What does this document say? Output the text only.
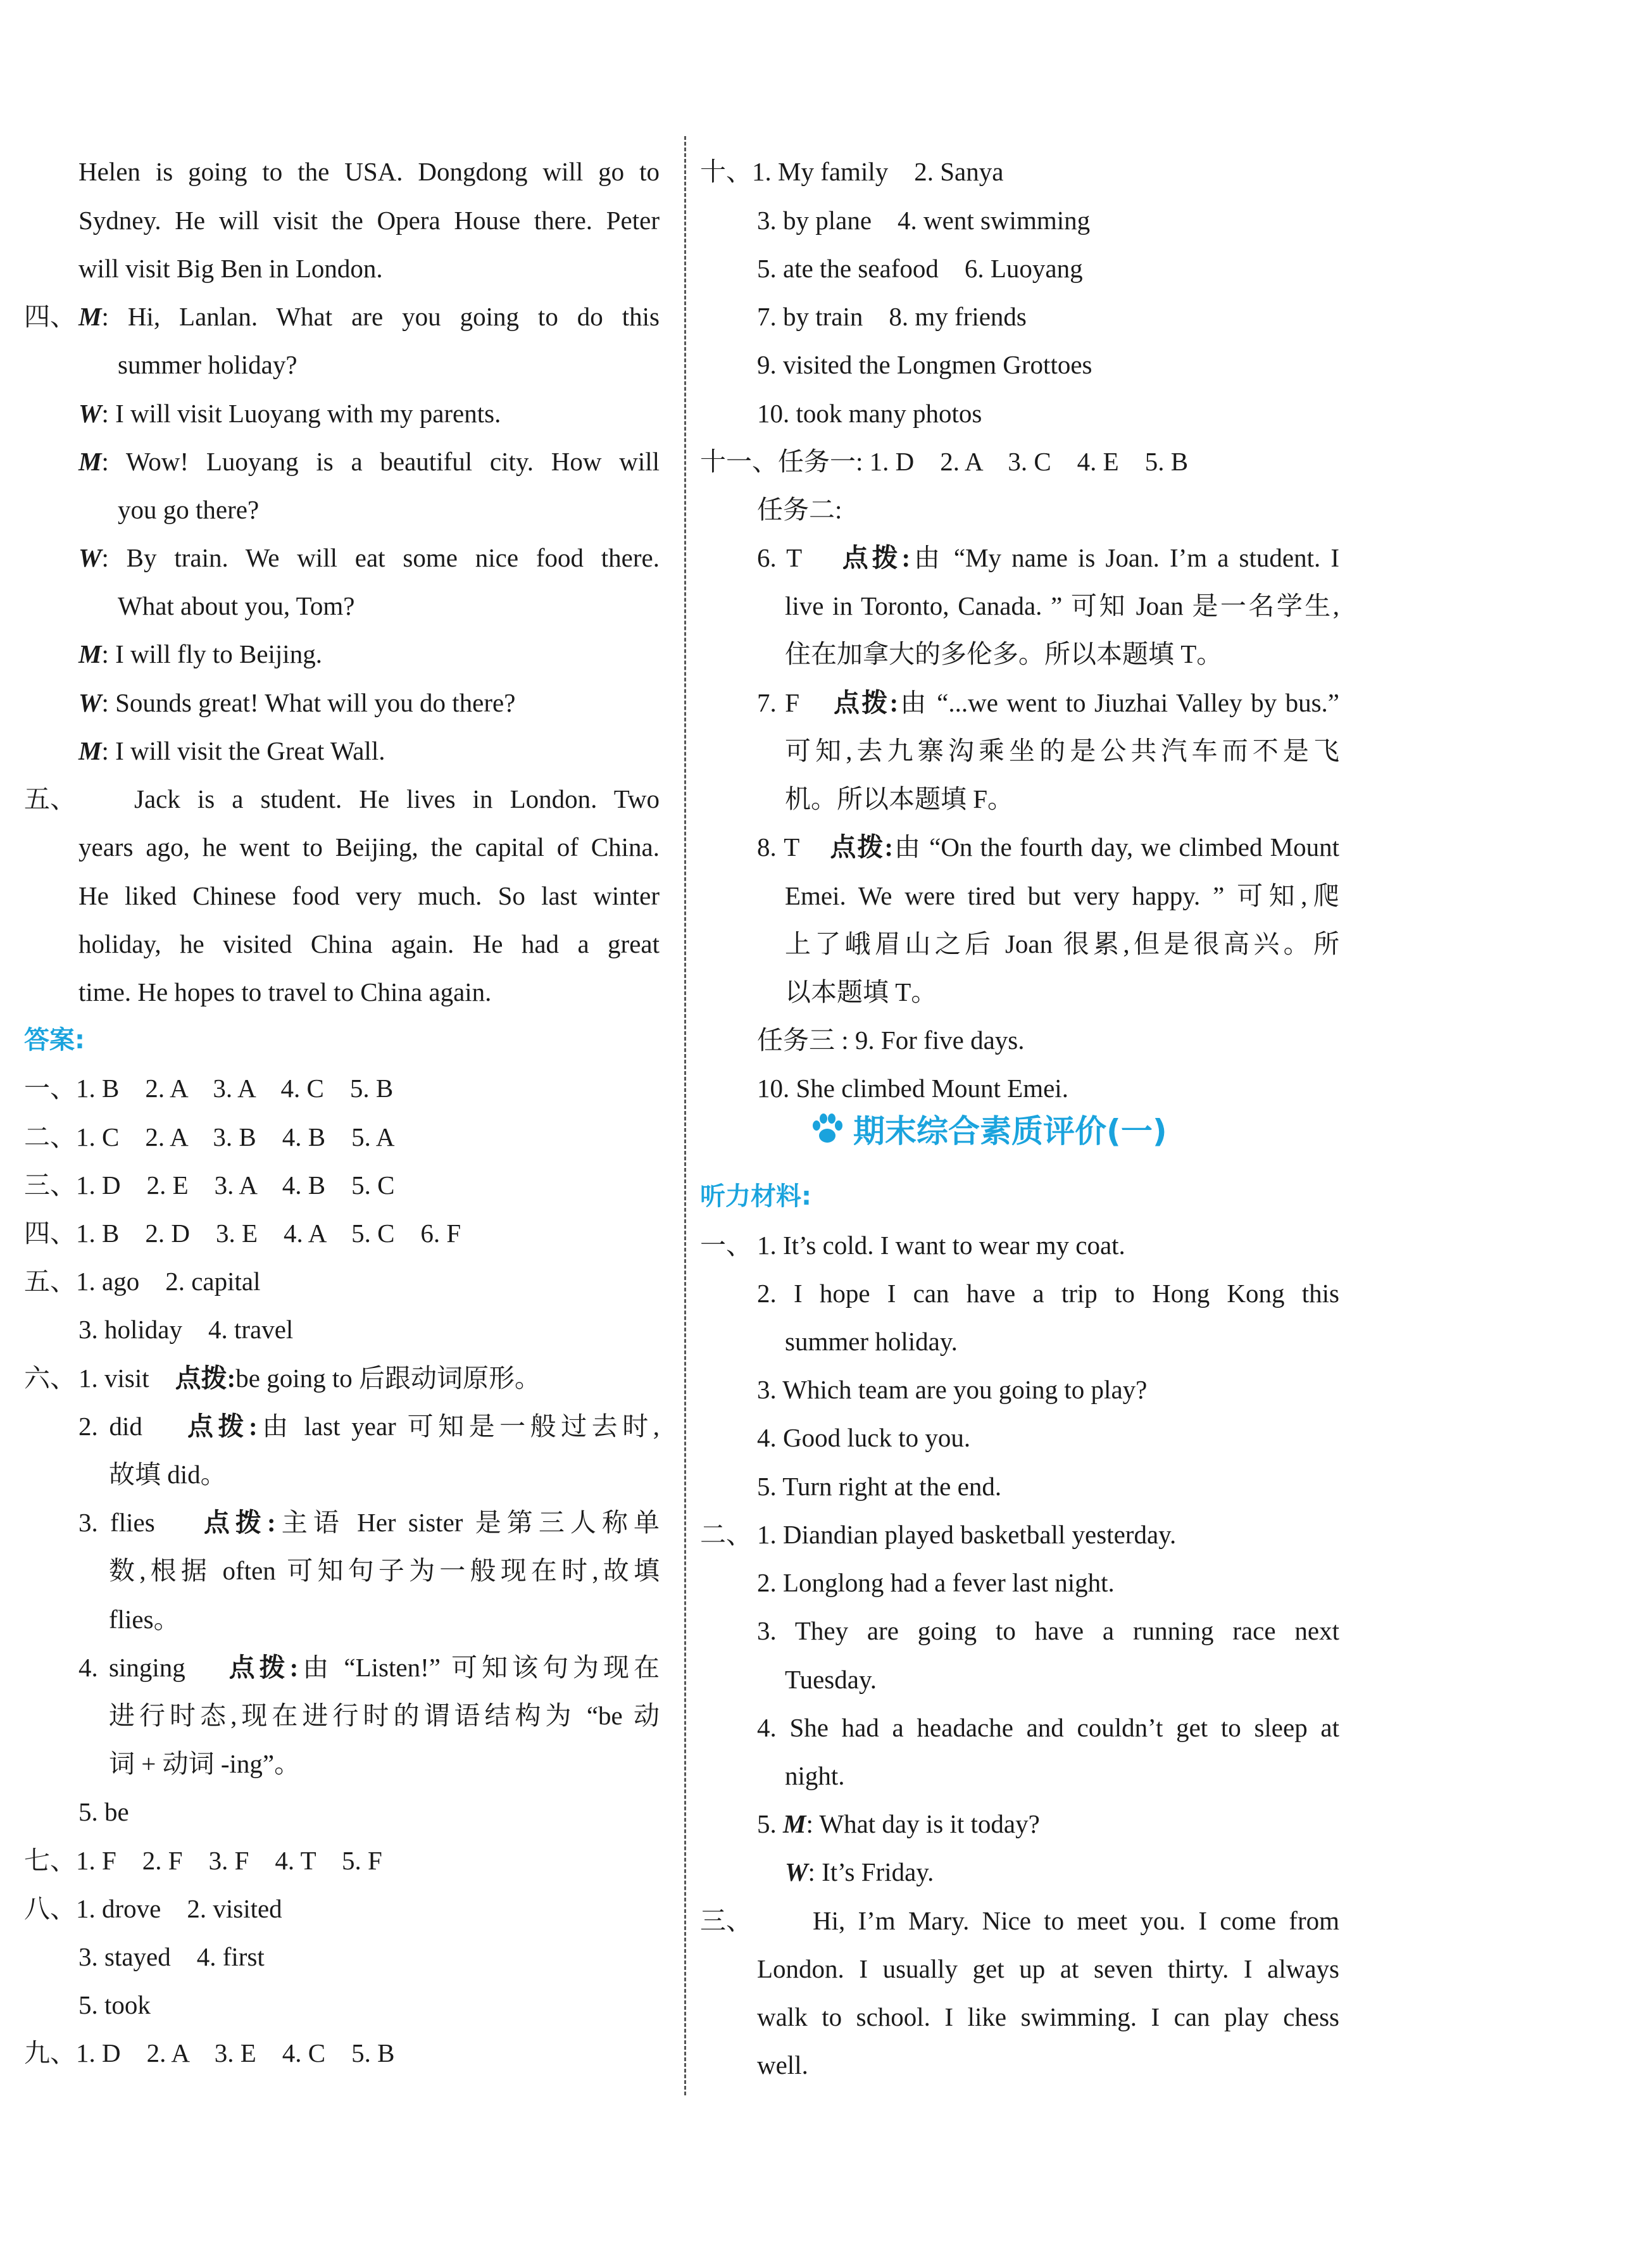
Helen is going to the USA. Dongdong will go to
Sydney. He will visit the Opera House there. Peter
will visit Big Ben in London.
四、 M: Hi, Lanlan. What are you going to do this
summer holiday?
W: I will visit Luoyang with my parents.
M: Wow! Luoyang is a beautiful city. How will
you go there?
W: By train. We will eat some nice food there.
What about you, Tom?
M: I will fly to Beijing.
W: Sounds great! What will you do there?
M: I will visit the Great Wall.
五、 Jack is a student. He lives in London. Two
years ago, he went to Beijing, the capital of China.
He liked Chinese food very much. So last winter
holiday, he visited China again. He had a great
time. He hopes to travel to China again.
答案:
一、1. B    2. A    3. A    4. C    5. B
二、1. C    2. A    3. B    4. B    5. A
三、1. D    2. E    3. A    4. B    5. C
四、1. B    2. D    3. E    4. A    5. C    6. F
五、1. ago    2. capital
3. holiday    4. travel
六、 1. visit 点拨:be going to 后跟动词原形。
2. did 点拨:由 last year 可知是一般过去时,
故填 did。
3. flies 点拨:主语 Her sister 是第三人称单
数,根据 often 可知句子为一般现在时,故填
flies。
4. singing 点拨:由 “Listen!” 可知该句为现在
进行时态,现在进行时的谓语结构为 “be 动
词 + 动词 -ing”。
5. be
七、1. F    2. F    3. F    4. T    5. F
八、1. drove    2. visited
3. stayed    4. first
5. took
九、1. D    2. A    3. E    4. C    5. B
十、1. My family    2. Sanya
3. by plane    4. went swimming
5. ate the seafood    6. Luoyang
7. by train    8. my friends
9. visited the Longmen Grottoes
10. took many photos
十一、任务一: 1. D    2. A    3. C    4. E    5. B
任务二:
6. T 点拨:由 “My name is Joan. I’m a student. I
live in Toronto, Canada. ” 可知 Joan 是一名学生,
住在加拿大的多伦多。所以本题填 T。
7. F 点拨:由 “...we went to Jiuzhai Valley by bus.”
可知,去九寨沟乘坐的是公共汽车而不是飞
机。所以本题填 F。
8. T 点拨:由 “On the fourth day, we climbed Mount
Emei. We were tired but very happy. ” 可知,爬
上了峨眉山之后 Joan 很累,但是很高兴。所
以本题填 T。
任务三 : 9. For five days.
10. She climbed Mount Emei.
期末综合素质评价(一)
听力材料:
一、 1. It’s cold. I want to wear my coat.
2. I hope I can have a trip to Hong Kong this
summer holiday.
3. Which team are you going to play?
4. Good luck to you.
5. Turn right at the end.
二、 1. Diandian played basketball yesterday.
2. Longlong had a fever last night.
3. They are going to have a running race next
Tuesday.
4. She had a headache and couldn’t get to sleep at
night.
5. M: What day is it today?
W: It’s Friday.
三、 Hi, I’m Mary. Nice to meet you. I come from
London. I usually get up at seven thirty. I always
walk to school. I like swimming. I can play chess
well.
